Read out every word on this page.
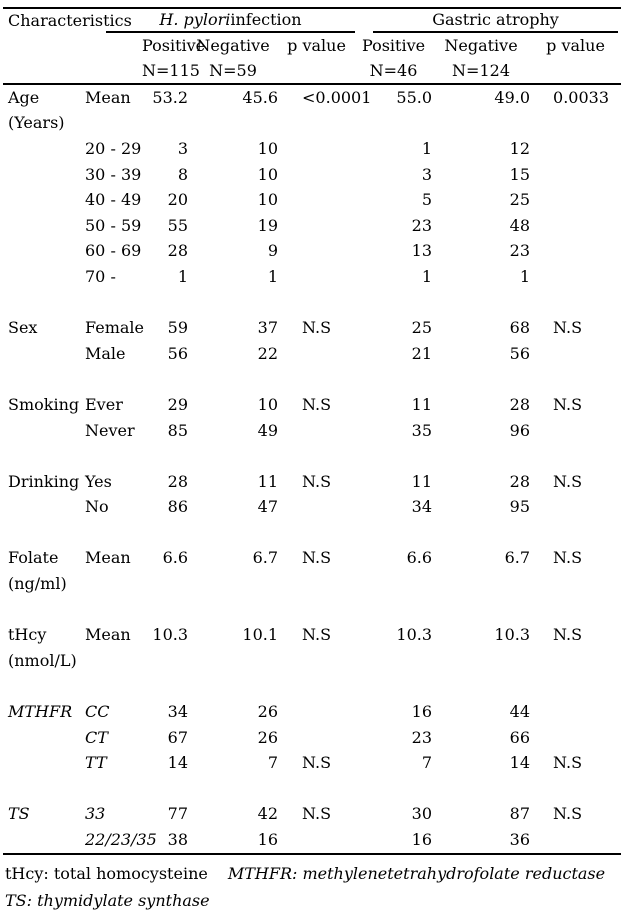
Characteristics		H. pylori infection			Gastric atrophy		

		Positive	Negative	p value	Positive	Negative	p value
		N=115	N=59		N=46	N=124	
Age	Mean	53.2	45.6	<0.0001	55.0	49.0	0.0033
(Years)							
	20 - 29	3	10		1	12	
	30 - 39	8	10		3	15	
	40 - 49	20	10		5	25	
	50 - 59	55	19		23	48	
	60 - 69	28	9		13	23	
	70 -	1	1		1	1	

Sex	Female	59	37	N.S	25	68	N.S
	Male	56	22		21	56	

Smoking	Ever	29	10	N.S	11	28	N.S
	Never	85	49		35	96	

Drinking	Yes	28	11	N.S	11	28	N.S
	No	86	47		34	95	

Folate	Mean	6.6	6.7	N.S	6.6	6.7	N.S
(ng/ml)							

tHcy	Mean	10.3	10.1	N.S	10.3	10.3	N.S
(nmol/L)							

MTHFR	CC	34	26		16	44	
	CT	67	26		23	66	
	TT	14	7	N.S	7	14	N.S

TS	33	77	42	N.S	30	87	N.S
	22/23/35	38	16		16	36	
tHcy: total homocysteine MTHFR: methylenetetrahydrofolate reductase
TS: thymidylate synthase
